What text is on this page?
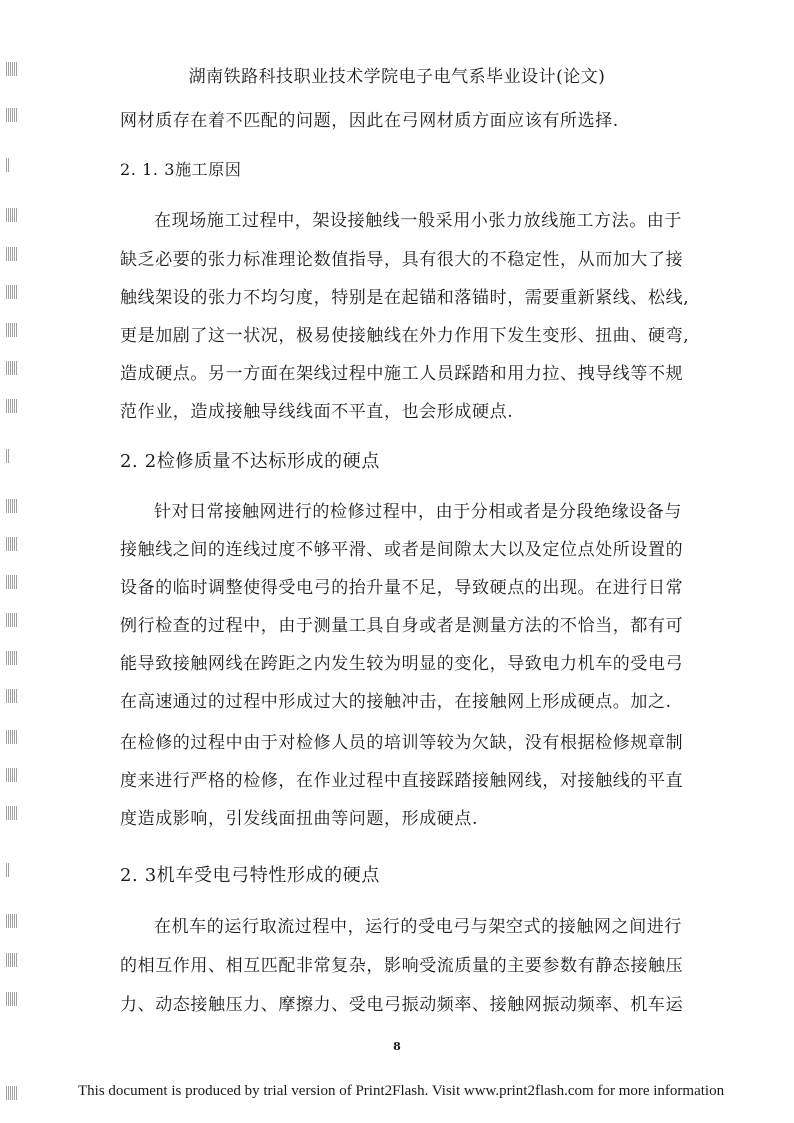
湖南铁路科技职业技术学院电子电气系毕业设计(论文)
网材质存在着不匹配的问题，因此在弓网材质方面应该有所选择.
2. 1. 3施工原因
在现场施工过程中，架设接触线一般采用小张力放线施工方法。由于
缺乏必要的张力标准理论数值指导，具有很大的不稳定性，从而加大了接
触线架设的张力不均匀度，特别是在起锚和落锚时，需要重新紧线、松线,
更是加剧了这一状况，极易使接触线在外力作用下发生变形、扭曲、硬弯,
造成硬点。另一方面在架线过程中施工人员踩踏和用力拉、拽导线等不规
范作业，造成接触导线线面不平直，也会形成硬点.
2. 2检修质量不达标形成的硬点
针对日常接触网进行的检修过程中，由于分相或者是分段绝缘设备与
接触线之间的连线过度不够平滑、或者是间隙太大以及定位点处所设置的
设备的临时调整使得受电弓的抬升量不足，导致硬点的出现。在进行日常
例行检查的过程中，由于测量工具自身或者是测量方法的不恰当，都有可
能导致接触网线在跨距之内发生较为明显的变化，导致电力机车的受电弓
在高速通过的过程中形成过大的接触冲击，在接触网上形成硬点。加之.
在检修的过程中由于对检修人员的培训等较为欠缺，没有根据检修规章制
度来进行严格的检修，在作业过程中直接踩踏接触网线，对接触线的平直
度造成影响，引发线面扭曲等问题，形成硬点.
2. 3机车受电弓特性形成的硬点
在机车的运行取流过程中，运行的受电弓与架空式的接触网之间进行
的相互作用、相互匹配非常复杂，影响受流质量的主要参数有静态接触压
力、动态接触压力、摩擦力、受电弓振动频率、接触网振动频率、机车运
8
This document is produced by trial version of Print2Flash. Visit www.print2flash.com for more information
